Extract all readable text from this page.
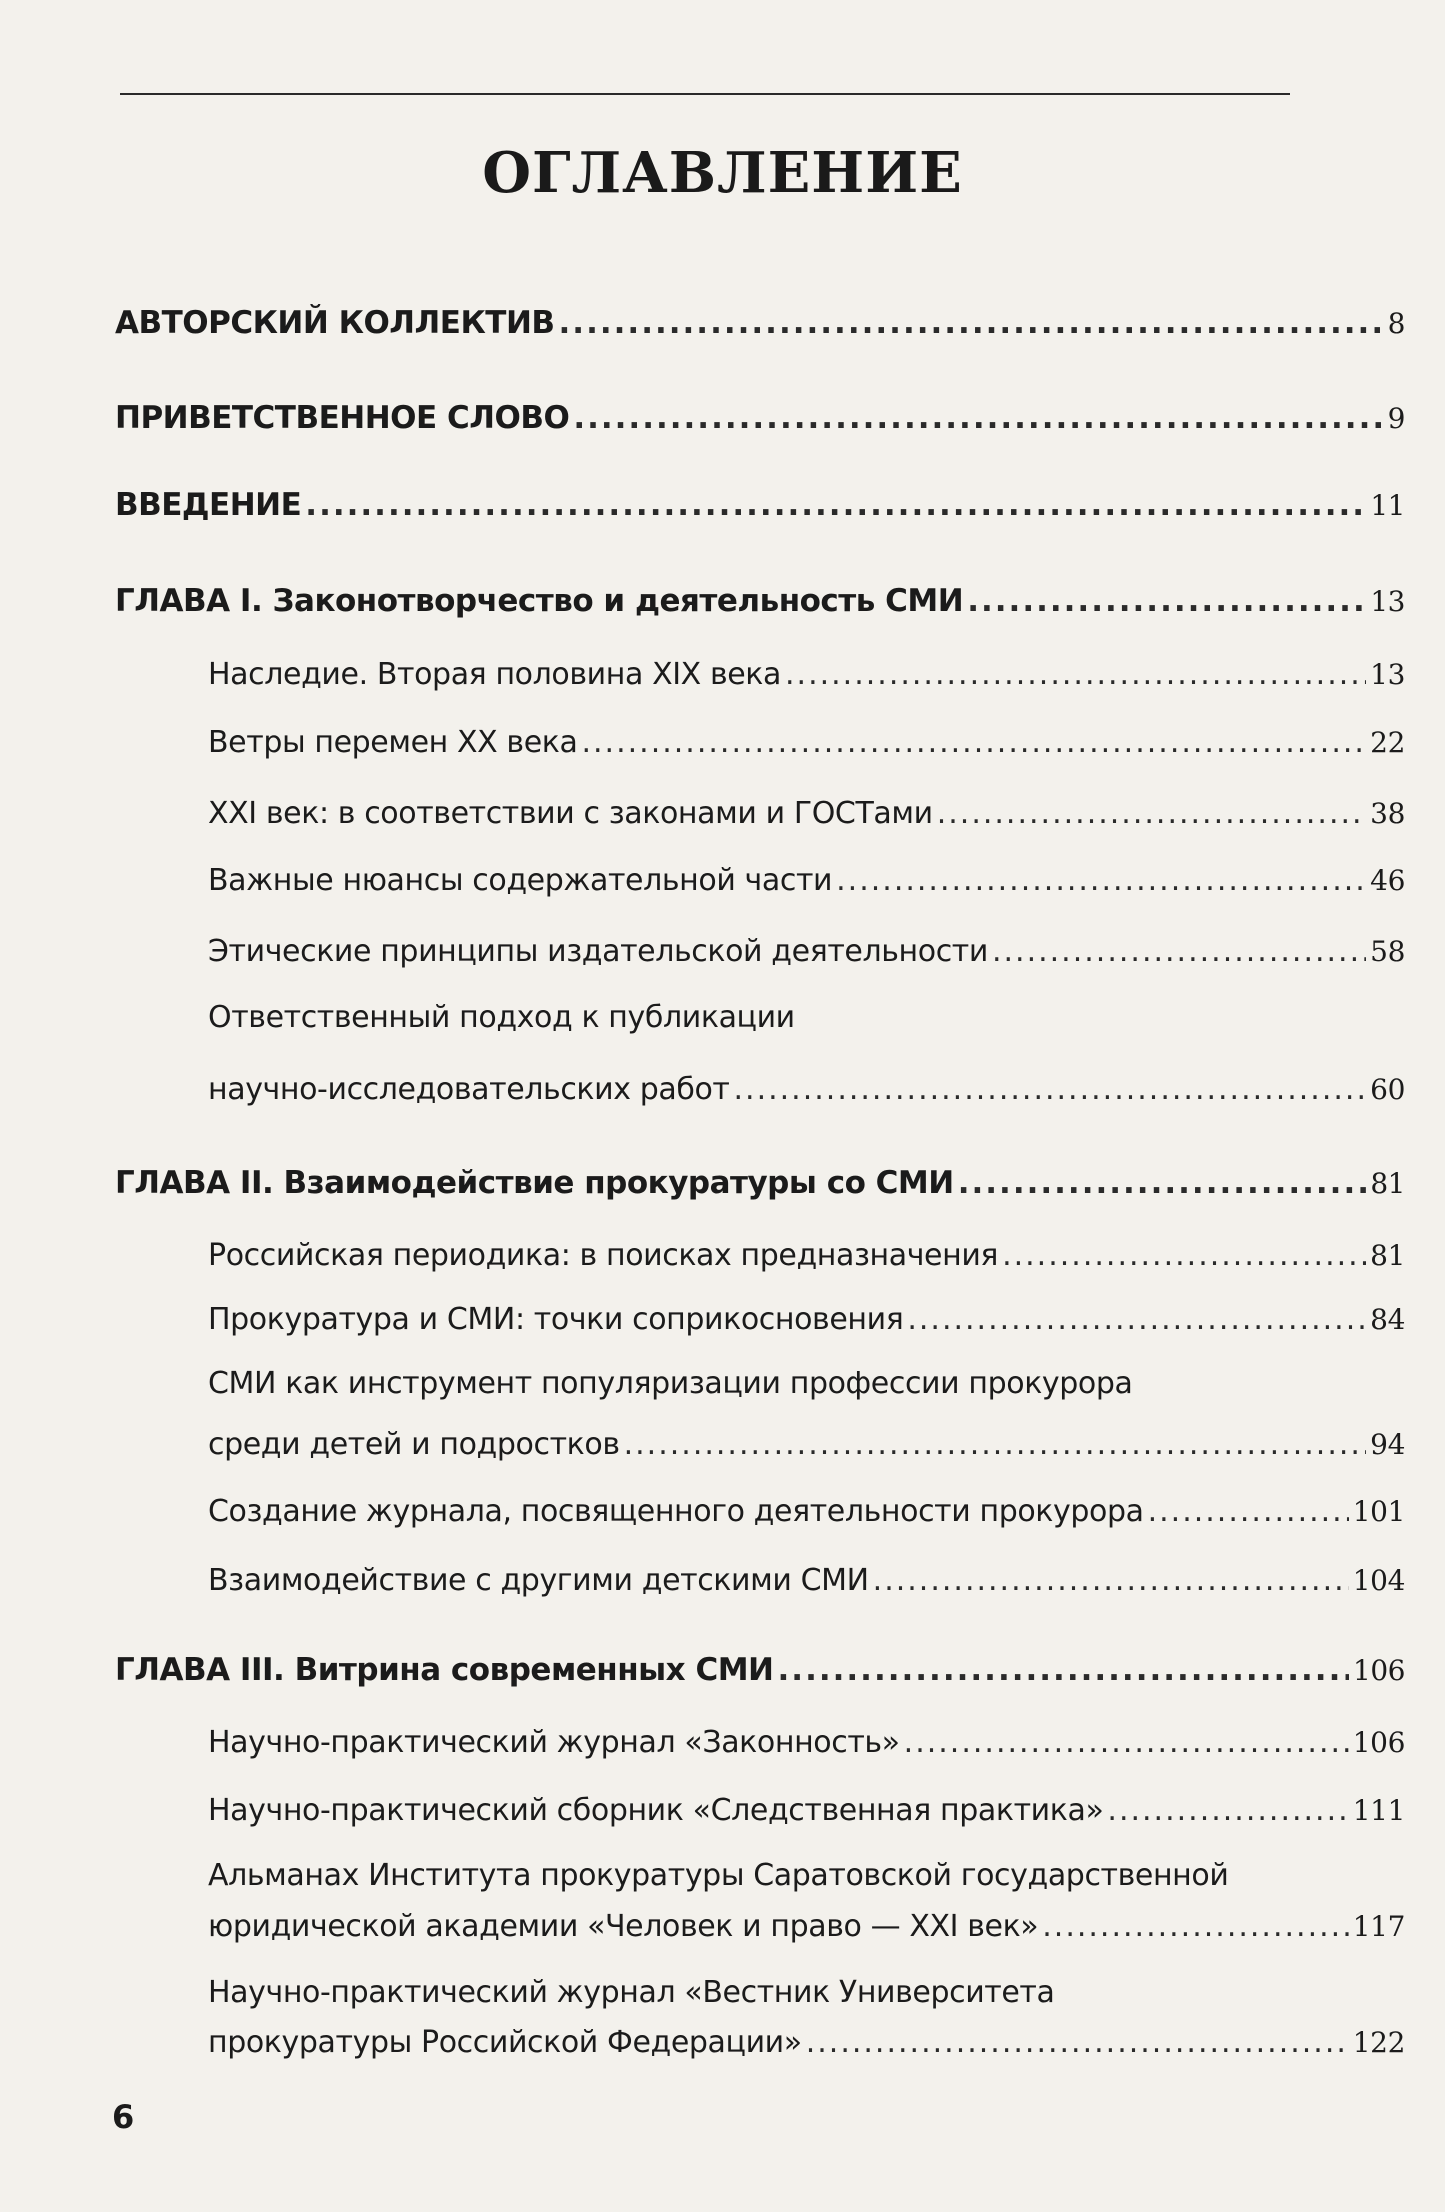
ОГЛАВЛЕНИЕ
АВТОРСКИЙ КОЛЛЕКТИВ .....	8
ПРИВЕТСТВЕННОЕ СЛОВО .....	9
ВВЕДЕНИЕ .....	11
ГЛАВА I. Законотворчество и деятельность СМИ .....	13
Наследие. Вторая половина XIX века .....	13
Ветры перемен XX века .....	22
XXI век: в соответствии с законами и ГОСТами .....	38
Важные нюансы содержательной части .....	46
Этические принципы издательской деятельности .....	58
Ответственный подход к публикации
научно-исследовательских работ .....	60
ГЛАВА II. Взаимодействие прокуратуры со СМИ .....	81
Российская периодика: в поисках предназначения .....	81
Прокуратура и СМИ: точки соприкосновения .....	84
СМИ как инструмент популяризации профессии прокурора
среди детей и подростков .....	94
Создание журнала, посвященного деятельности прокурора .....	101
Взаимодействие с другими детскими СМИ .....	104
ГЛАВА III. Витрина современных СМИ .....	106
Научно-практический журнал «Законность» .....	106
Научно-практический сборник «Следственная практика» .....	111
Альманах Института прокуратуры Саратовской государственной
юридической академии «Человек и право — XXI век» .....	117
Научно-практический журнал «Вестник Университета
прокуратуры Российской Федерации» .....	122
6
